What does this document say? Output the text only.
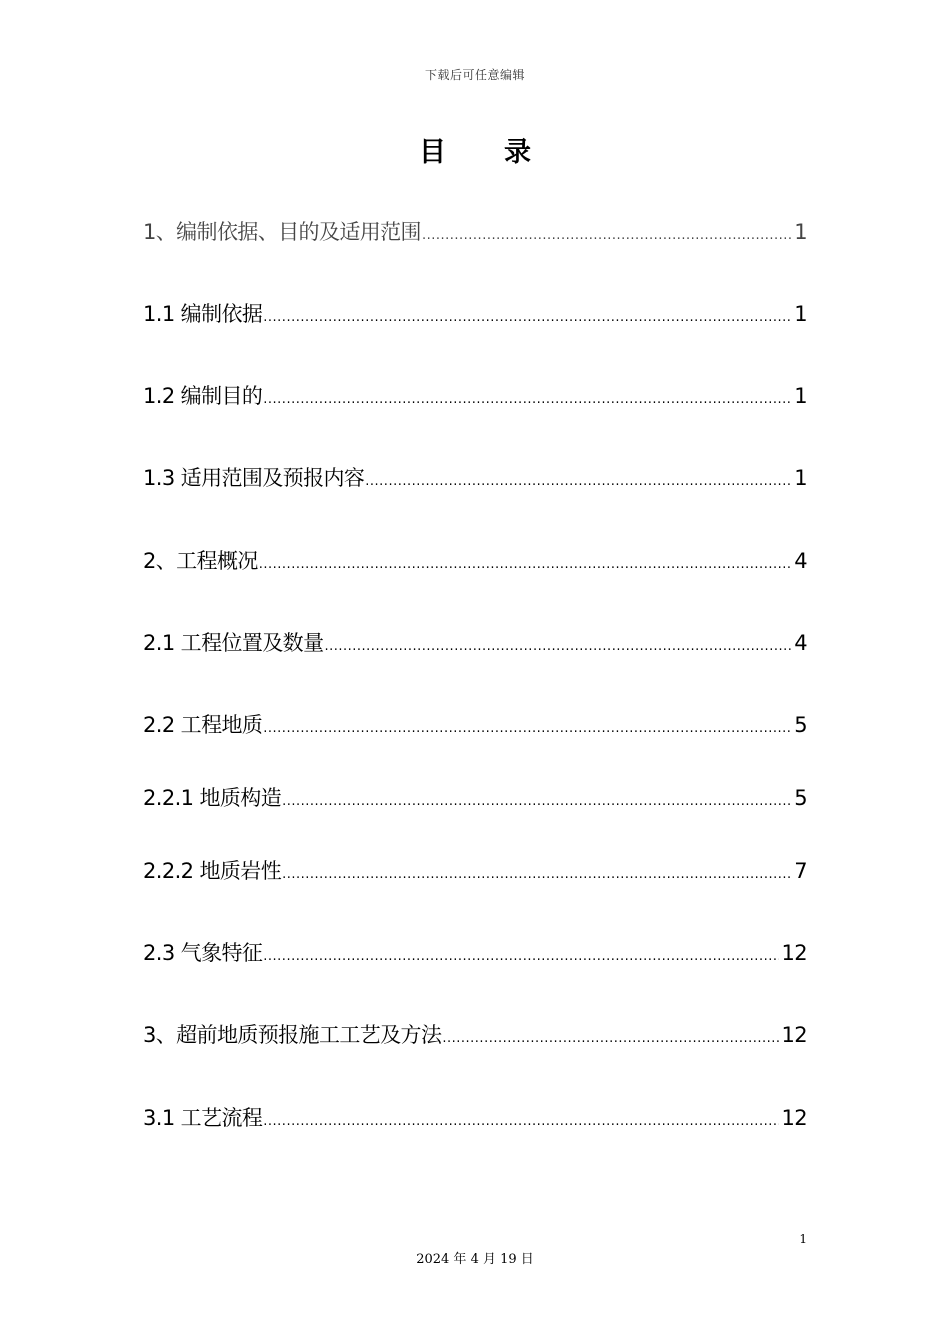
下载后可任意编辑
目录
1、编制依据、目的及适用范围 .....	1
1.1 编制依据 .....	1
1.2 编制目的 .....	1
1.3 适用范围及预报内容 .....	1
2、工程概况 .....	4
2.1 工程位置及数量 .....	4
2.2 工程地质 .....	5
2.2.1 地质构造 .....	5
2.2.2 地质岩性 .....	7
2.3 气象特征 .....	12
3、超前地质预报施工工艺及方法 .....	12
3.1 工艺流程 .....	12
1
2024 年 4 月 19 日
